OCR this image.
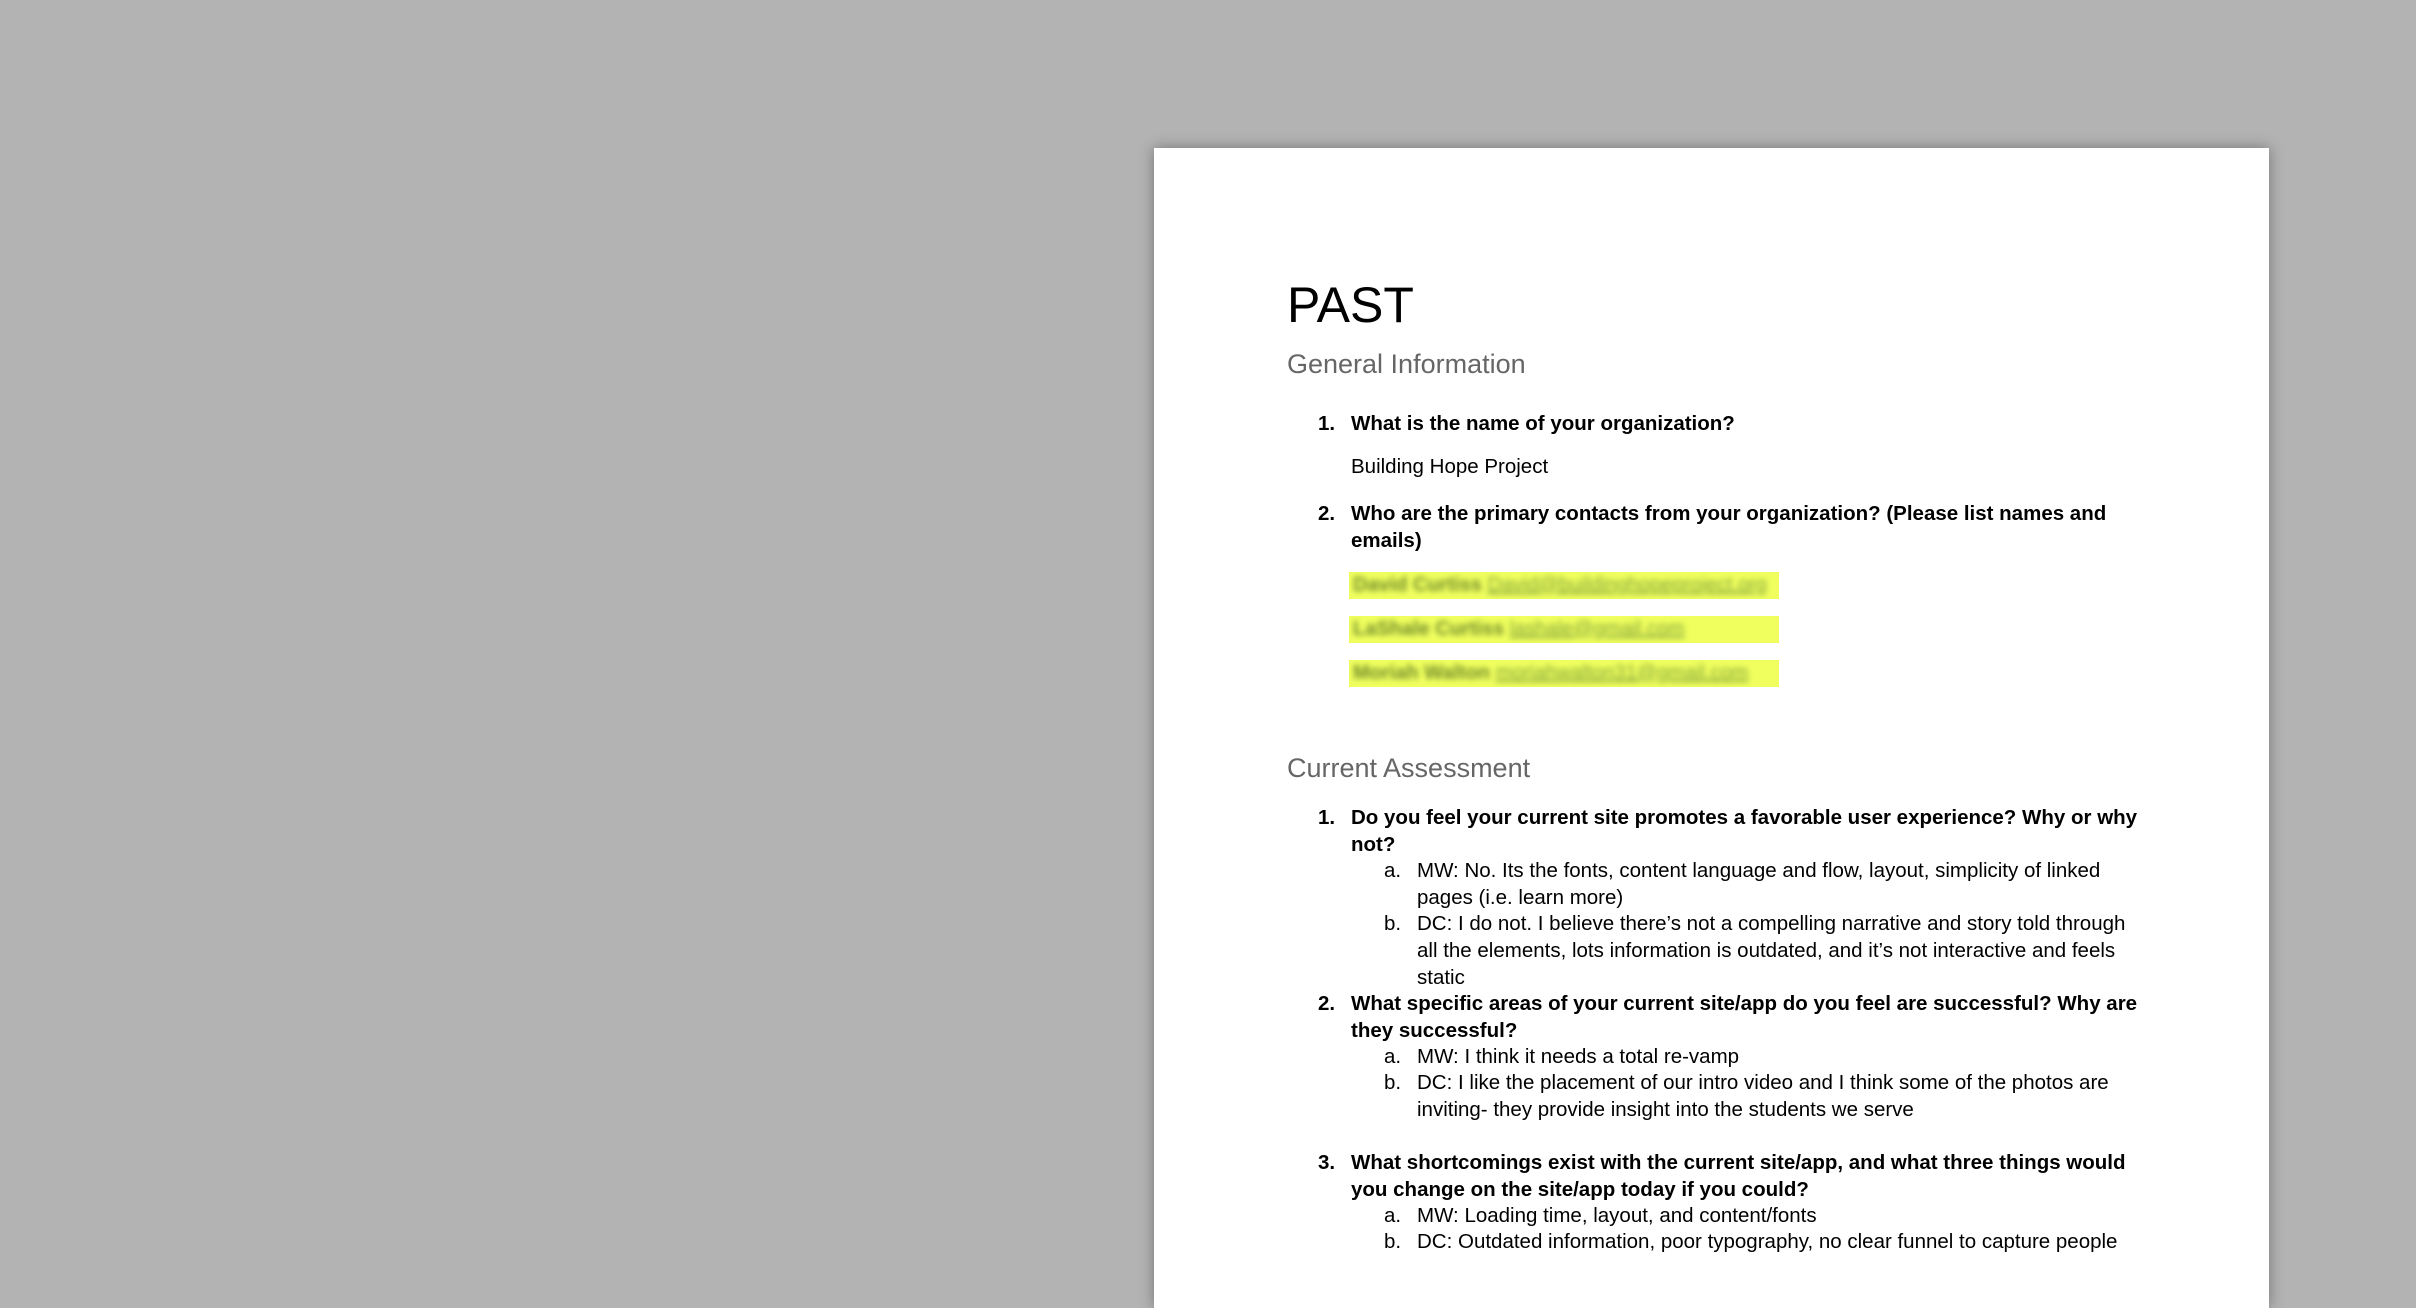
PAST
General Information
1. What is the name of your organization?
Building Hope Project
2. Who are the primary contacts from your organization? (Please list names and emails)
David Curtiss David@buildinghopeproject.org
LaShale Curtiss lashale@gmail.com
Moriah Walton moriahwalton31@gmail.com
Current Assessment
1. Do you feel your current site promotes a favorable user experience? Why or why not?
a. MW: No. Its the fonts, content language and flow, layout, simplicity of linked pages (i.e. learn more)
b. DC: I do not. I believe there’s not a compelling narrative and story told through all the elements, lots information is outdated, and it’s not interactive and feels static
2. What specific areas of your current site/app do you feel are successful? Why are they successful?
a. MW: I think it needs a total re-vamp
b. DC: I like the placement of our intro video and I think some of the photos are inviting- they provide insight into the students we serve
3. What shortcomings exist with the current site/app, and what three things would you change on the site/app today if you could?
a. MW: Loading time, layout, and content/fonts
b. DC: Outdated information, poor typography, no clear funnel to capture people
